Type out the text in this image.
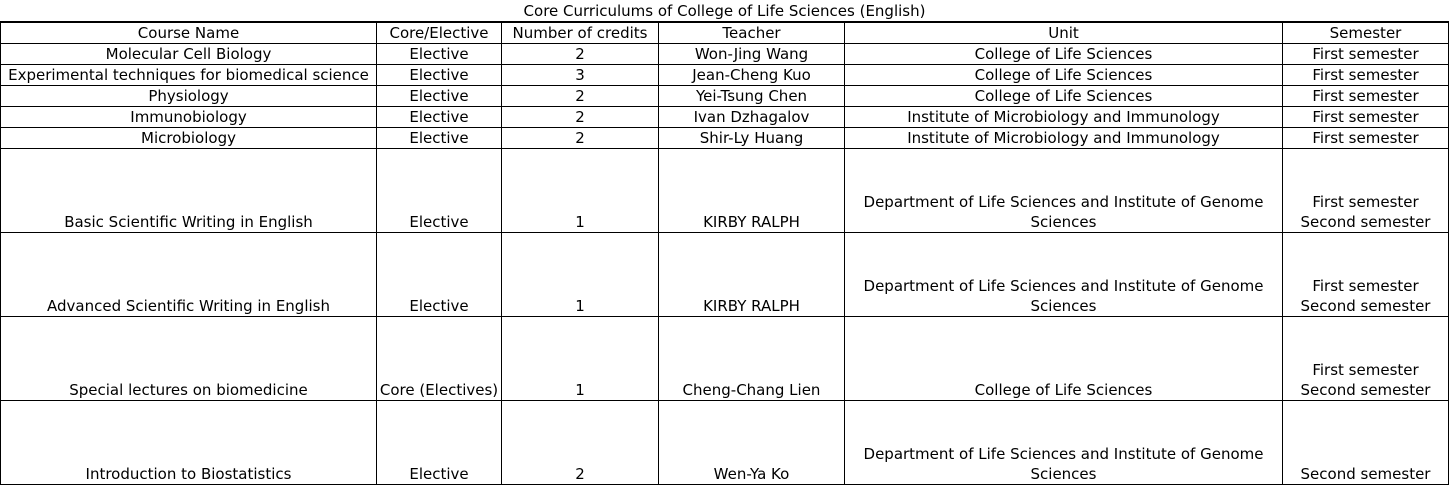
Core Curriculums of College of Life Sciences (English)					
Course Name	Core/Elective	Number of credits	Teacher	Unit	Semester
Molecular Cell Biology	Elective	2	Won-Jing Wang	College of Life Sciences	First semester

Experimental techniques for biomedical science	Elective	3	Jean-Cheng Kuo	College of Life Sciences	First semester

Physiology	Elective	2	Yei-Tsung Chen	College of Life Sciences	First semester

Immunobiology	Elective	2	Ivan Dzhagalov	Institute of Microbiology and Immunology	First semester

Microbiology	Elective	2	Shir-Ly Huang	Institute of Microbiology and Immunology	First semester

Basic Scientific Writing in English	Elective	1	KIRBY RALPH	Department of Life Sciences and Institute of Genome
Sciences	First semester
Second semester

Advanced Scientific Writing in English	Elective	1	KIRBY RALPH	Department of Life Sciences and Institute of Genome
Sciences	First semester
Second semester

Special lectures on biomedicine	Core (Electives)	1	Cheng-Chang Lien	College of Life Sciences	First semester
Second semester

Introduction to Biostatistics	Elective	2	Wen-Ya Ko	Department of Life Sciences and Institute of Genome
Sciences	Second semester
